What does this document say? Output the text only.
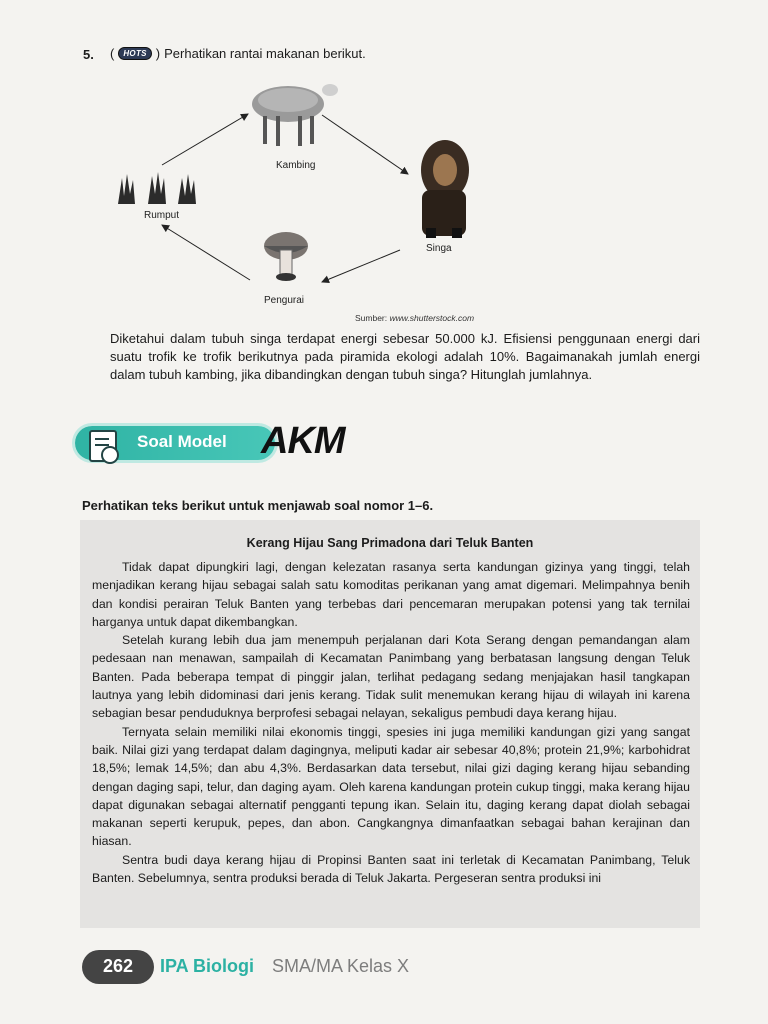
5. (	HOTS ) Perhatikan rantai makanan berikut.
Kambing
Rumput
Singa
Pengurai
Sumber: www.shutterstock.com
Diketahui dalam tubuh singa terdapat energi sebesar 50.000 kJ. Efisiensi penggunaan energi dari suatu trofik ke trofik berikutnya pada piramida ekologi adalah 10%. Bagaimanakah jumlah energi dalam tubuh kambing, jika dibandingkan dengan tubuh singa? Hitunglah jumlahnya.
Soal Model AKM
Perhatikan teks berikut untuk menjawab soal nomor 1–6.
Kerang Hijau Sang Primadona dari Teluk Banten

Tidak dapat dipungkiri lagi, dengan kelezatan rasanya serta kandungan gizinya yang tinggi, telah menjadikan kerang hijau sebagai salah satu komoditas perikanan yang amat digemari. Melimpahnya benih dan kondisi perairan Teluk Banten yang terbebas dari pencemaran merupakan potensi yang tak ternilai harganya untuk dapat dikembangkan.

Setelah kurang lebih dua jam menempuh perjalanan dari Kota Serang dengan pemandangan alam pedesaan nan menawan, sampailah di Kecamatan Panimbang yang berbatasan langsung dengan Teluk Banten. Pada beberapa tempat di pinggir jalan, terlihat pedagang sedang menjajakan hasil tangkapan lautnya yang lebih didominasi dari jenis kerang. Tidak sulit menemukan kerang hijau di wilayah ini karena sebagian besar penduduknya berprofesi sebagai nelayan, sekaligus pembudi daya kerang hijau.

Ternyata selain memiliki nilai ekonomis tinggi, spesies ini juga memiliki kandungan gizi yang sangat baik. Nilai gizi yang terdapat dalam dagingnya, meliputi kadar air sebesar 40,8%; protein 21,9%; karbohidrat 18,5%; lemak 14,5%; dan abu 4,3%. Berdasarkan data tersebut, nilai gizi daging kerang hijau sebanding dengan daging sapi, telur, dan daging ayam. Oleh karena kandungan protein cukup tinggi, maka kerang hijau dapat digunakan sebagai alternatif pengganti tepung ikan. Selain itu, daging kerang dapat diolah sebagai makanan seperti kerupuk, pepes, dan abon. Cangkangnya dimanfaatkan sebagai bahan kerajinan dan hiasan.

Sentra budi daya kerang hijau di Propinsi Banten saat ini terletak di Kecamatan Panimbang, Teluk Banten. Sebelumnya, sentra produksi berada di Teluk Jakarta. Pergeseran sentra produksi ini

262	IPA Biologi SMA/MA Kelas X
